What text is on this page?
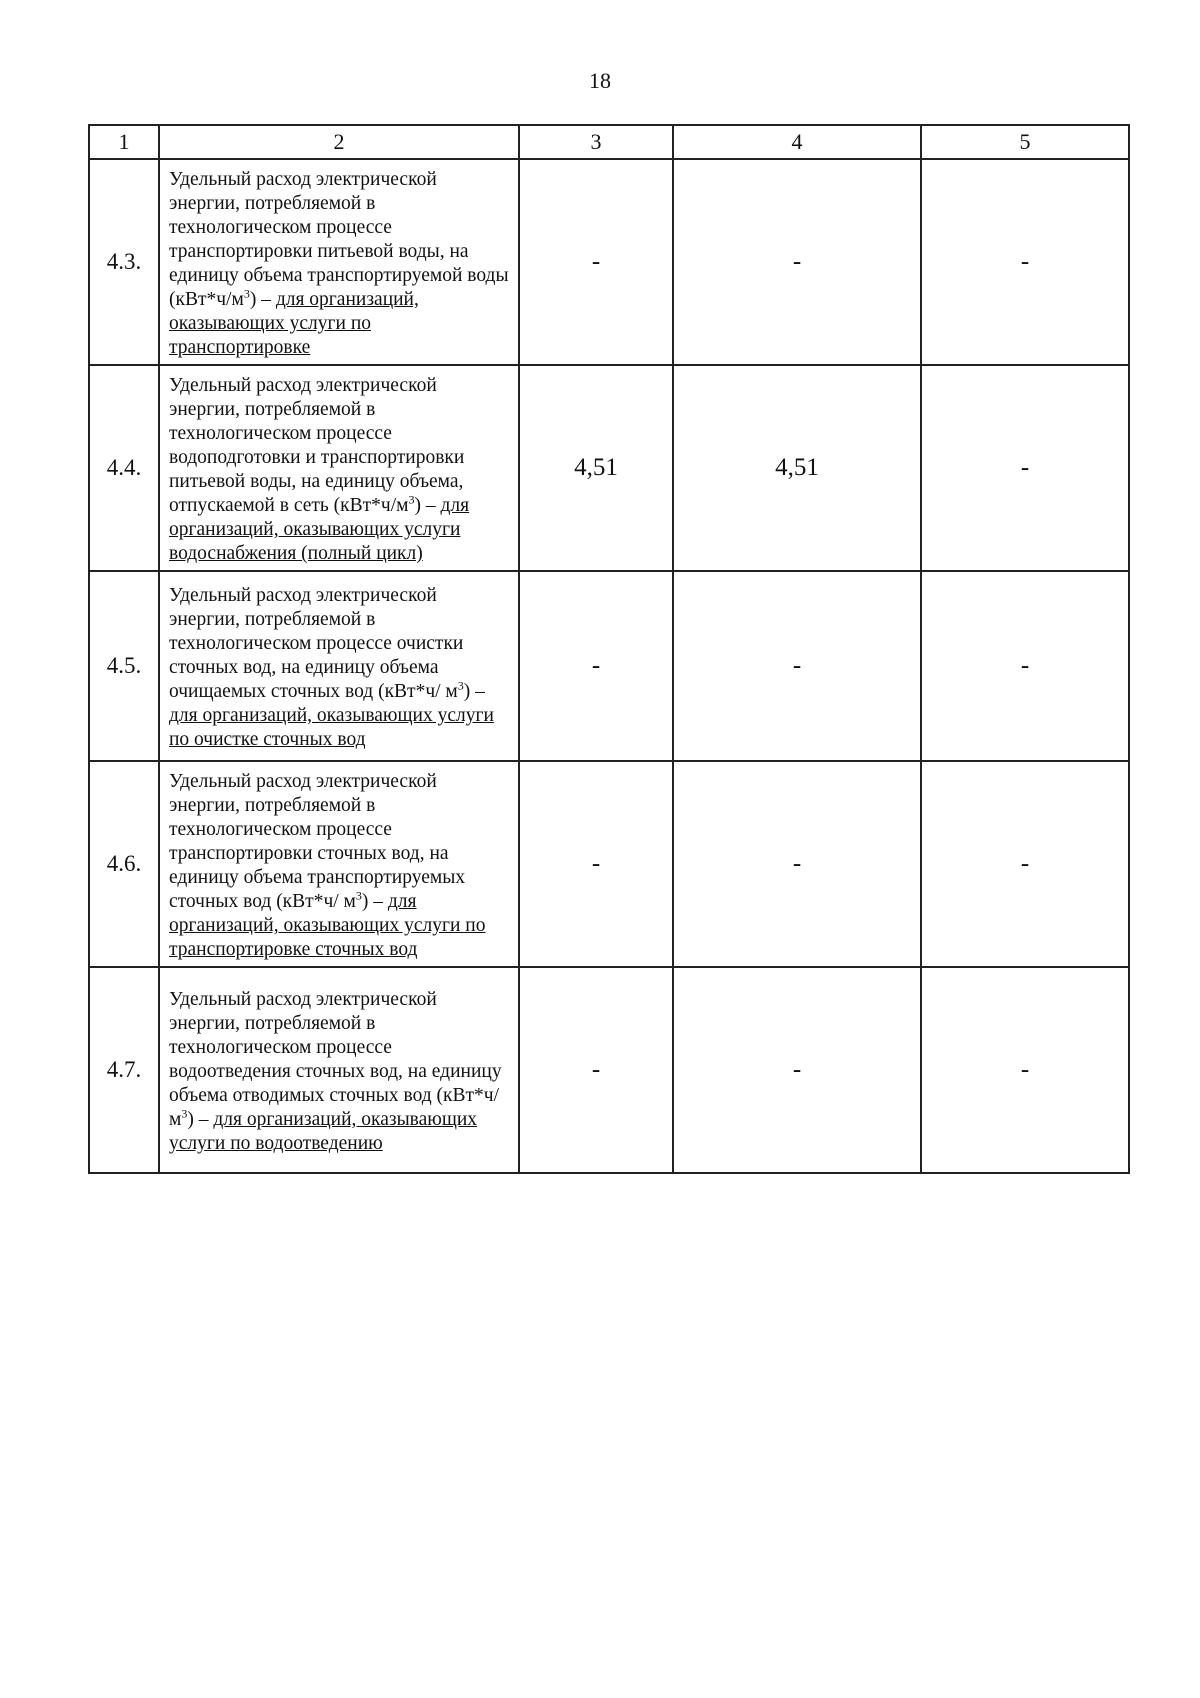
18
1	2	3	4	5
4.3.	Удельный расход электрической энергии, потребляемой в технологическом процессе транспортировки питьевой воды, на единицу объема транспортируемой воды $(кВт*ч/м^3)$ – для организаций, оказывающих услуги по транспортировке	-	-	-
4.4.	Удельный расход электрической энергии, потребляемой в технологическом процессе водоподготовки и транспортировки питьевой воды, на единицу объема, отпускаемой в сеть $(кВт*ч/м^3)$ – для организаций, оказывающих услуги водоснабжения (полный цикл)	4,51	4,51	-
4.5.	Удельный расход электрической энергии, потребляемой в технологическом процессе очистки сточных вод, на единицу объема очищаемых сточных вод (кВт*ч/ $м^3$) – для организаций, оказывающих услуги по очистке сточных вод	-	-	-
4.6.	Удельный расход электрической энергии, потребляемой в технологическом процессе транспортировки сточных вод, на единицу объема транспортируемых сточных вод (кВт*ч/ $м^3$) – для организаций, оказывающих услуги по транспортировке сточных вод	-	-	-
4.7.	Удельный расход электрической энергии, потребляемой в технологическом процессе водоотведения сточных вод, на единицу объема отводимых сточных вод (кВт*ч/ $м^3$) – для организаций, оказывающих услуги по водоотведению	-	-	-
